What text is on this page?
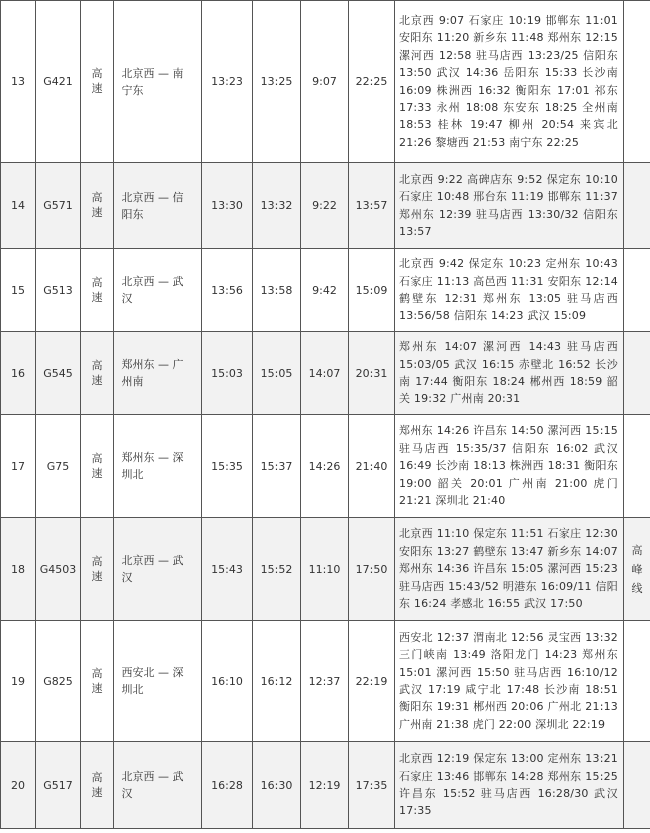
13	G421	高速	北京西 — 南宁东	13:23	13:25	9:07	22:25	北京西 9:07 石家庄 10:19 邯郸东 11:01 安阳东 11:20 新乡东 11:48 郑州东 12:15 漯河西 12:58 驻马店西 13:23/25 信阳东 13:50 武汉 14:36 岳阳东 15:33 长沙南 16:09 株洲西 16:32 衡阳东 17:01 祁东 17:33 永州 18:08 东安东 18:25 全州南 18:53 桂林 19:47 柳州 20:54 来宾北 21:26 黎塘西 21:53 南宁东 22:25	

14	G571	高速	北京西 — 信阳东	13:30	13:32	9:22	13:57	北京西 9:22 高碑店东 9:52 保定东 10:10 石家庄 10:48 邢台东 11:19 邯郸东 11:37 郑州东 12:39 驻马店西 13:30/32 信阳东 13:57	

15	G513	高速	北京西 — 武汉	13:56	13:58	9:42	15:09	北京西 9:42 保定东 10:23 定州东 10:43 石家庄 11:13 高邑西 11:31 安阳东 12:14 鹤壁东 12:31 郑州东 13:05 驻马店西 13:56/58 信阳东 14:23 武汉 15:09	

16	G545	高速	郑州东 — 广州南	15:03	15:05	14:07	20:31	郑州东 14:07 漯河西 14:43 驻马店西 15:03/05 武汉 16:15 赤壁北 16:52 长沙南 17:44 衡阳东 18:24 郴州西 18:59 韶关 19:32 广州南 20:31	

17	G75	高速	郑州东 — 深圳北	15:35	15:37	14:26	21:40	郑州东 14:26 许昌东 14:50 漯河西 15:15 驻马店西 15:35/37 信阳东 16:02 武汉 16:49 长沙南 18:13 株洲西 18:31 衡阳东 19:00 韶关 20:01 广州南 21:00 虎门 21:21 深圳北 21:40	

18	G4503	高速	北京西 — 武汉	15:43	15:52	11:10	17:50	北京西 11:10 保定东 11:51 石家庄 12:30 安阳东 13:27 鹤壁东 13:47 新乡东 14:07 郑州东 14:36 许昌东 15:05 漯河西 15:23 驻马店西 15:43/52 明港东 16:09/11 信阳东 16:24 孝感北 16:55 武汉 17:50	高峰线
19	G825	高速	西安北 — 深圳北	16:10	16:12	12:37	22:19	西安北 12:37 渭南北 12:56 灵宝西 13:32 三门峡南 13:49 洛阳龙门 14:23 郑州东 15:01 漯河西 15:50 驻马店西 16:10/12 武汉 17:19 咸宁北 17:48 长沙南 18:51 衡阳东 19:31 郴州西 20:06 广州北 21:13 广州南 21:38 虎门 22:00 深圳北 22:19	

20	G517	高速	北京西 — 武汉	16:28	16:30	12:19	17:35	北京西 12:19 保定东 13:00 定州东 13:21 石家庄 13:46 邯郸东 14:28 郑州东 15:25 许昌东 15:52 驻马店西 16:28/30 武汉 17:35	
